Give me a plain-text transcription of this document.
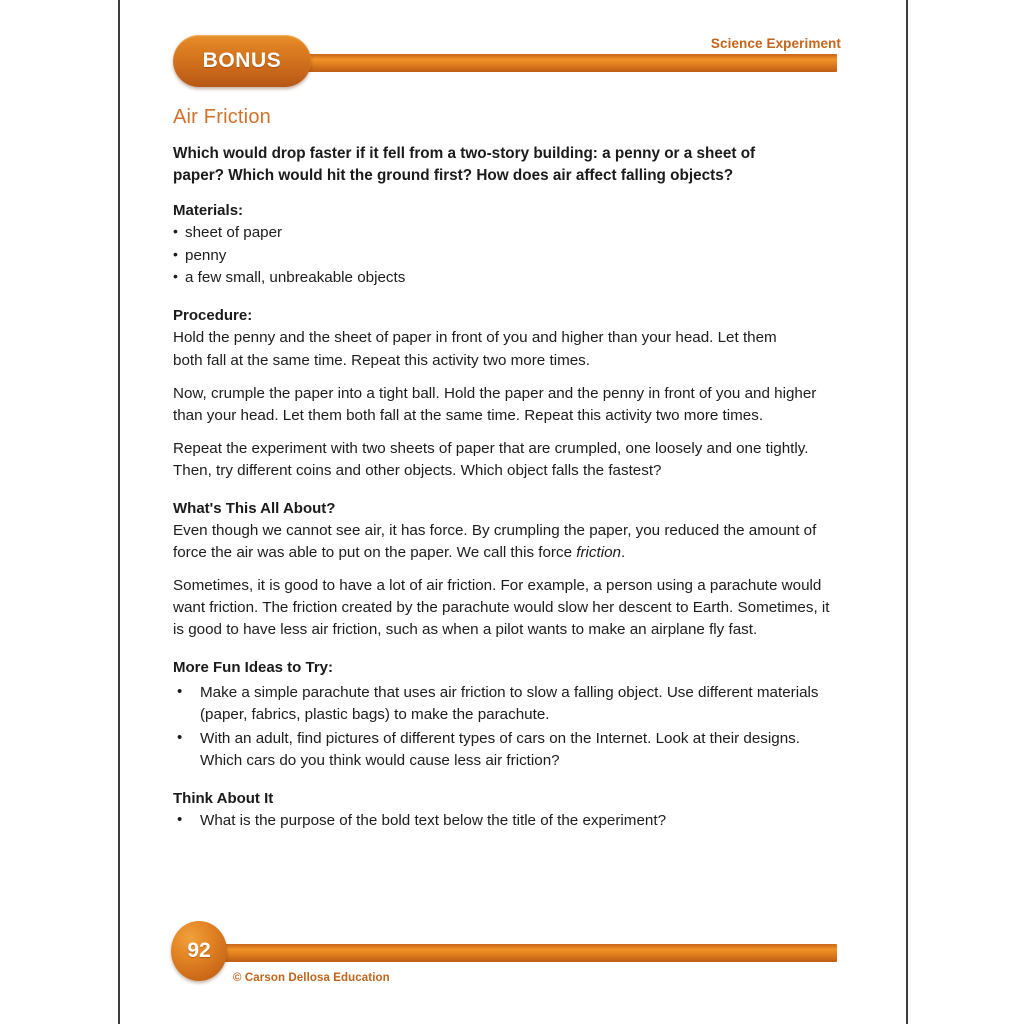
Science Experiment
BONUS
Air Friction

Which would drop faster if it fell from a two-story building: a penny or a sheet of paper? Which would hit the ground first? How does air affect falling objects?

Materials:
• sheet of paper
• penny
• a few small, unbreakable objects
Procedure:

Hold the penny and the sheet of paper in front of you and higher than your head. Let them both fall at the same time. Repeat this activity two more times.

Now, crumple the paper into a tight ball. Hold the paper and the penny in front of you and higher than your head. Let them both fall at the same time. Repeat this activity two more times.

Repeat the experiment with two sheets of paper that are crumpled, one loosely and one tightly. Then, try different coins and other objects. Which object falls the fastest?

What's This All About?

Even though we cannot see air, it has force. By crumpling the paper, you reduced the amount of force the air was able to put on the paper. We call this force friction.

Sometimes, it is good to have a lot of air friction. For example, a person using a parachute would want friction. The friction created by the parachute would slow her descent to Earth. Sometimes, it is good to have less air friction, such as when a pilot wants to make an airplane fly fast.

More Fun Ideas to Try:
• Make a simple parachute that uses air friction to slow a falling object. Use different materials (paper, fabrics, plastic bags) to make the parachute.
• With an adult, find pictures of different types of cars on the Internet. Look at their designs. Which cars do you think would cause less air friction?
Think About It
• What is the purpose of the bold text below the title of the experiment?
92
© Carson Dellosa Education
